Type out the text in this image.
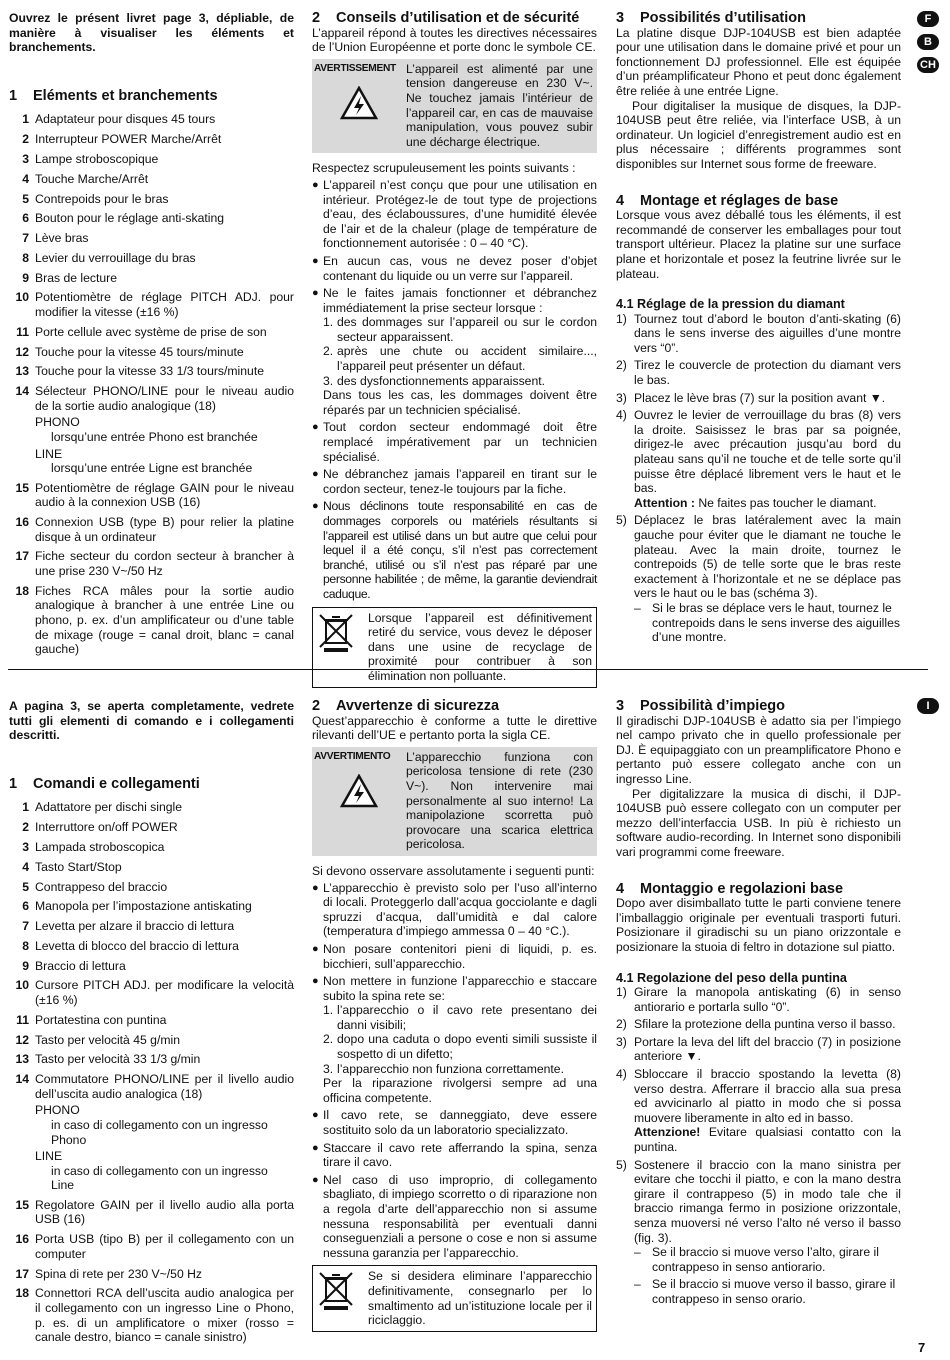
F
B
CH
I
Ouvrez le présent livret page 3, dépliable, de manière à visualiser les éléments et branchements.
1 Eléments et branchements
1 Adaptateur pour disques 45 tours
2 Interrupteur POWER Marche/Arrêt
3 Lampe stroboscopique
4 Touche Marche/Arrêt
5 Contrepoids pour le bras
6 Bouton pour le réglage anti-skating
7 Lève bras
8 Levier du verrouillage du bras
9 Bras de lecture
10 Potentiomètre de réglage PITCH ADJ. pour modifier la vitesse (±16 %)
11 Porte cellule avec système de prise de son
12 Touche pour la vitesse 45 tours/minute
13 Touche pour la vitesse 33 1/3 tours/minute
14 Sélecteur PHONO/LINE pour le niveau audio de la sortie audio analogique (18)
PHONO
lorsqu’une entrée Phono est branchée
LINE
lorsqu’une entrée Ligne est branchée
15 Potentiomètre de réglage GAIN pour le niveau audio à la connexion USB (16)
16 Connexion USB (type B) pour relier la platine disque à un ordinateur
17 Fiche secteur du cordon secteur à brancher à une prise 230 V~/50 Hz
18 Fiches RCA mâles pour la sortie audio analogique à brancher à une entrée Line ou phono, p. ex. d’un amplificateur ou d’une table de mixage (rouge = canal droit, blanc = canal gauche)
2 Conseils d’utilisation et de sécurité
L’appareil répond à toutes les directives nécessaires de l’Union Européenne et porte donc le symbole CE.
AVERTISSEMENT L’appareil est alimenté par une tension dangereuse en 230 V~. Ne touchez jamais l’intérieur de l’appareil car, en cas de mauvaise manipulation, vous pouvez subir une décharge électrique.
Respectez scrupuleusement les points suivants :
● L’appareil n’est conçu que pour une utilisation en intérieur. Protégez-le de tout type de projections d’eau, des éclaboussures, d’une humidité élevée de l’air et de la chaleur (plage de température de fonctionnement autorisée : 0 – 40 °C).
● En aucun cas, vous ne devez poser d’objet contenant du liquide ou un verre sur l’appareil.
● Ne le faites jamais fonctionner et débranchez immédiatement la prise secteur lorsque :
1. des dommages sur l’appareil ou sur le cordon secteur apparaissent.
2. après une chute ou accident similaire..., l’appareil peut présenter un défaut.
3. des dysfonctionnements apparaissent.
Dans tous les cas, les dommages doivent être réparés par un technicien spécialisé.
● Tout cordon secteur endommagé doit être remplacé impérativement par un technicien spécialisé.
● Ne débranchez jamais l’appareil en tirant sur le cordon secteur, tenez-le toujours par la fiche.
● Nous déclinons toute responsabilité en cas de dommages corporels ou matériels résultants si l’appareil est utilisé dans un but autre que celui pour lequel il a été conçu, s’il n’est pas correctement branché, utilisé ou s’il n’est pas réparé par une personne habilitée ; de même, la garantie deviendrait caduque.
Lorsque l’appareil est définitivement retiré du service, vous devez le déposer dans une usine de recyclage de proximité pour contribuer à son élimination non polluante.
3 Possibilités d’utilisation
La platine disque DJP-104USB est bien adaptée pour une utilisation dans le domaine privé et pour un fonctionnement DJ professionnel. Elle est équipée d’un préamplificateur Phono et peut donc également être reliée à une entrée Ligne.
Pour digitaliser la musique de disques, la DJP-104USB peut être reliée, via l’interface USB, à un ordinateur. Un logiciel d’enregistrement audio est en plus nécessaire ; différents programmes sont disponibles sur Internet sous forme de freeware.
4 Montage et réglages de base
Lorsque vous avez déballé tous les éléments, il est recommandé de conserver les emballages pour tout transport ultérieur. Placez la platine sur une surface plane et horizontale et posez la feutrine livrée sur le plateau.
4.1 Réglage de la pression du diamant
1) Tournez tout d’abord le bouton d’anti-skating (6) dans le sens inverse des aiguilles d’une montre vers “0”.
2) Tirez le couvercle de protection du diamant vers le bas.
3) Placez le lève bras (7) sur la position avant ▼.
4) Ouvrez le levier de verrouillage du bras (8) vers la droite. Saisissez le bras par sa poignée, dirigez-le avec précaution jusqu’au bord du plateau sans qu’il ne touche et de telle sorte qu’il puisse être déplacé librement vers le haut et le bas.
Attention : Ne faites pas toucher le diamant.
5) Déplacez le bras latéralement avec la main gauche pour éviter que le diamant ne touche le plateau. Avec la main droite, tournez le contrepoids (5) de telle sorte que le bras reste exactement à l’horizontale et ne se déplace pas vers le haut ou le bas (schéma 3).
– Si le bras se déplace vers le haut, tournez le contrepoids dans le sens inverse des aiguilles d’une montre.
A pagina 3, se aperta completamente, vedrete tutti gli elementi di comando e i collegamenti descritti.
1 Comandi e collegamenti
1 Adattatore per dischi single
2 Interruttore on/off POWER
3 Lampada stroboscopica
4 Tasto Start/Stop
5 Contrappeso del braccio
6 Manopola per l’impostazione antiskating
7 Levetta per alzare il braccio di lettura
8 Levetta di blocco del braccio di lettura
9 Braccio di lettura
10 Cursore PITCH ADJ. per modificare la velocità (±16 %)
11 Portatestina con puntina
12 Tasto per velocità 45 g/min
13 Tasto per velocità 33 1/3 g/min
14 Commutatore PHONO/LINE per il livello audio dell’uscita audio analogica (18)
PHONO
in caso di collegamento con un ingresso Phono
LINE
in caso di collegamento con un ingresso Line
15 Regolatore GAIN per il livello audio alla porta USB (16)
16 Porta USB (tipo B) per il collegamento con un computer
17 Spina di rete per 230 V~/50 Hz
18 Connettori RCA dell’uscita audio analogica per il collegamento con un ingresso Line o Phono, p. es. di un amplificatore o mixer (rosso = canale destro, bianco = canale sinistro)
2 Avvertenze di sicurezza
Quest’apparecchio è conforme a tutte le direttive rilevanti dell’UE e pertanto porta la sigla CE.
AVVERTIMENTO	L’apparecchio funziona con pericolosa tensione di rete (230 V~). Non intervenire mai personalmente al suo interno! La manipolazione scorretta può provocare una scarica elettrica pericolosa.
Si devono osservare assolutamente i seguenti punti:
● L’apparecchio è previsto solo per l’uso all’interno di locali. Proteggerlo dall’acqua gocciolante e dagli spruzzi d’acqua, dall’umidità e dal calore (temperatura d’impiego ammessa 0 – 40 °C.).
● Non posare contenitori pieni di liquidi, p. es. bicchieri, sull’apparecchio.
● Non mettere in funzione l’apparecchio e staccare subito la spina rete se:
1. l’apparecchio o il cavo rete presentano dei danni visibili;
2. dopo una caduta o dopo eventi simili sussiste il sospetto di un difetto;
3. l’apparecchio non funziona correttamente.
Per la riparazione rivolgersi sempre ad una officina competente.
● Il cavo rete, se danneggiato, deve essere sostituito solo da un laboratorio specializzato.
● Staccare il cavo rete afferrando la spina, senza tirare il cavo.
● Nel caso di uso improprio, di collegamento sbagliato, di impiego scorretto o di riparazione non a regola d’arte dell’apparecchio non si assume nessuna responsabilità per eventuali danni conseguenziali a persone o cose e non si assume nessuna garanzia per l’apparecchio.
Se si desidera eliminare l’apparecchio definitivamente, consegnarlo per lo smaltimento ad un’istituzione locale per il riciclaggio.
3 Possibilità d’impiego
Il giradischi DJP-104USB è adatto sia per l’impiego nel campo privato che in quello professionale per DJ. È equipaggiato con un preamplificatore Phono e pertanto può essere collegato anche con un ingresso Line.
Per digitalizzare la musica di dischi, il DJP-104USB può essere collegato con un computer per mezzo dell’interfaccia USB. In più è richiesto un software audio-recording. In Internet sono disponibili vari programmi come freeware.
4 Montaggio e regolazioni base
Dopo aver disimballato tutte le parti conviene tenere l’imballaggio originale per eventuali trasporti futuri. Posizionare il giradischi su un piano orizzontale e posizionare la stuoia di feltro in dotazione sul piatto.
4.1 Regolazione del peso della puntina
1) Girare la manopola antiskating (6) in senso antiorario e portarla sullo “0”.
2) Sfilare la protezione della puntina verso il basso.
3) Portare la leva del lift del braccio (7) in posizione anteriore ▼.
4) Sbloccare il braccio spostando la levetta (8) verso destra. Afferrare il braccio alla sua presa ed avvicinarlo al piatto in modo che si possa muovere liberamente in alto ed in basso.
Attenzione! Evitare qualsiasi contatto con la puntina.
5) Sostenere il braccio con la mano sinistra per evitare che tocchi il piatto, e con la mano destra girare il contrappeso (5) in modo tale che il braccio rimanga fermo in posizione orizzontale, senza muoversi né verso l’alto né verso il basso (fig. 3).
– Se il braccio si muove verso l’alto, girare il contrappeso in senso antiorario.
– Se il braccio si muove verso il basso, girare il contrappeso in senso orario.
7
